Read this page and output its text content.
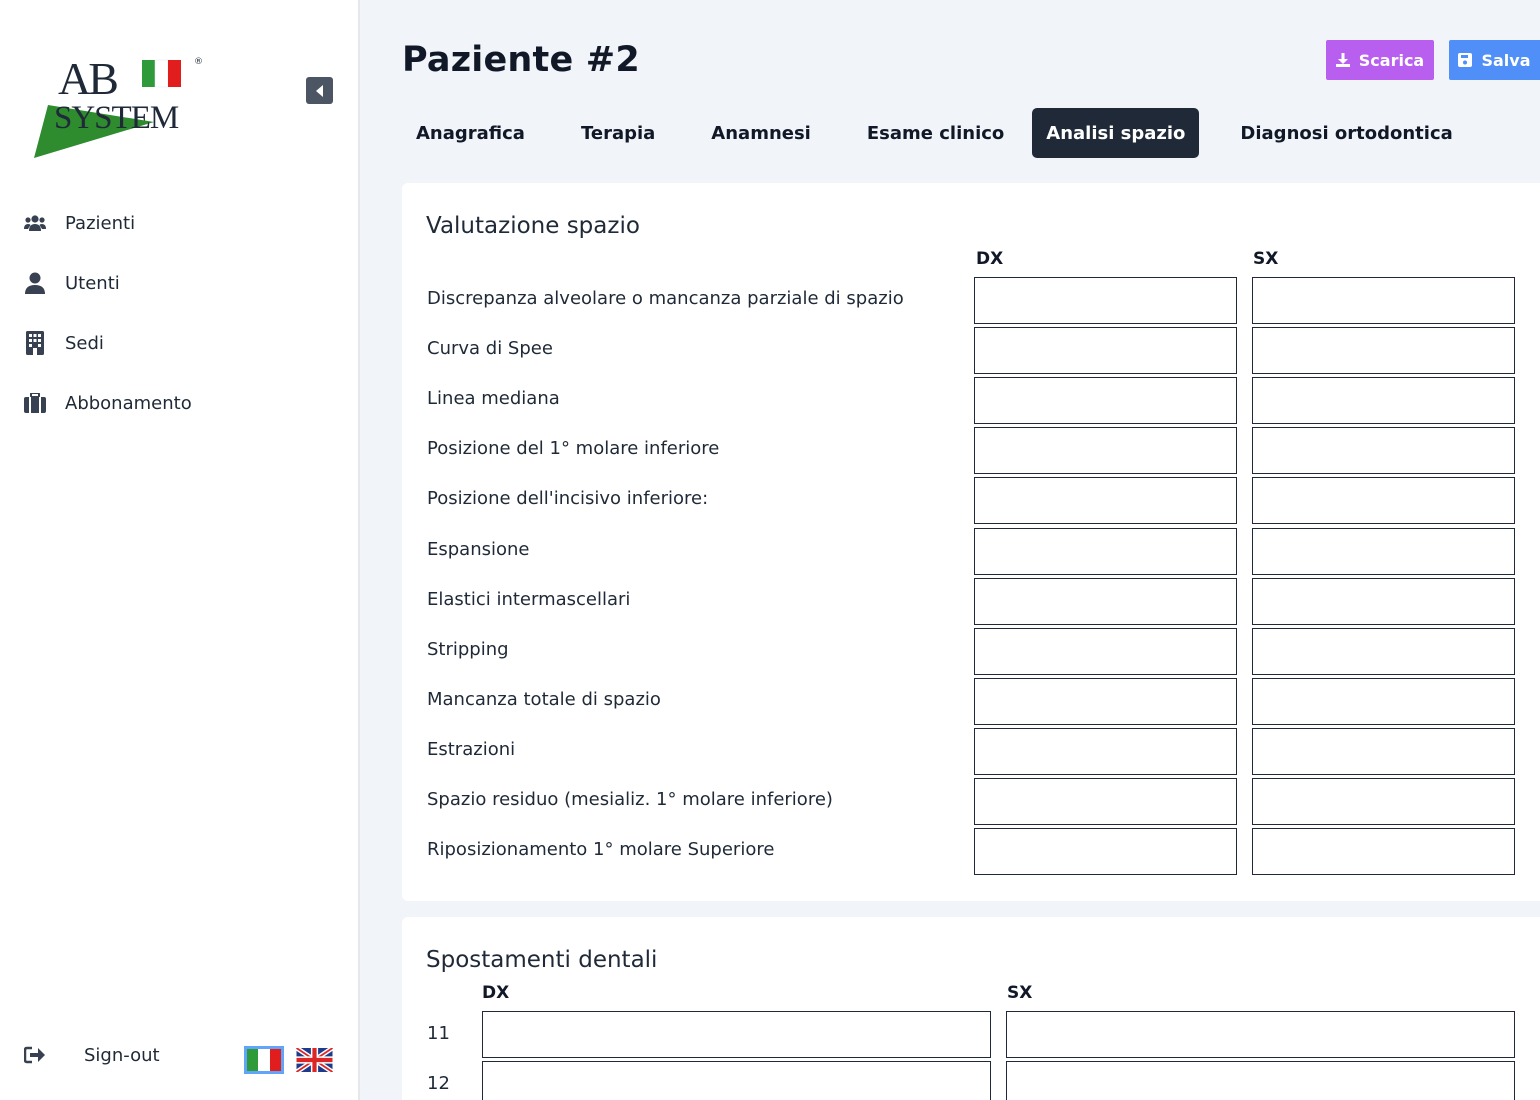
AB	®
SYSTEM
Pazienti
Utenti
Sedi
Abbonamento
Sign-out
Paziente #2	Scarica	Salva
Anagrafica	Terapia	Anamnesi	Esame clinico	Analisi spazio	Diagnosi ortodontica
Valutazione spazio
DX	SX
Discrepanza alveolare o mancanza parziale di spazio
Curva di Spee
Linea mediana
Posizione del 1° molare inferiore
Posizione dell'incisivo inferiore:
Espansione
Elastici intermascellari
Stripping
Mancanza totale di spazio
Estrazioni
Spazio residuo (mesializ. 1° molare inferiore)
Riposizionamento 1° molare Superiore
Spostamenti dentali
DX	SX
11
12
